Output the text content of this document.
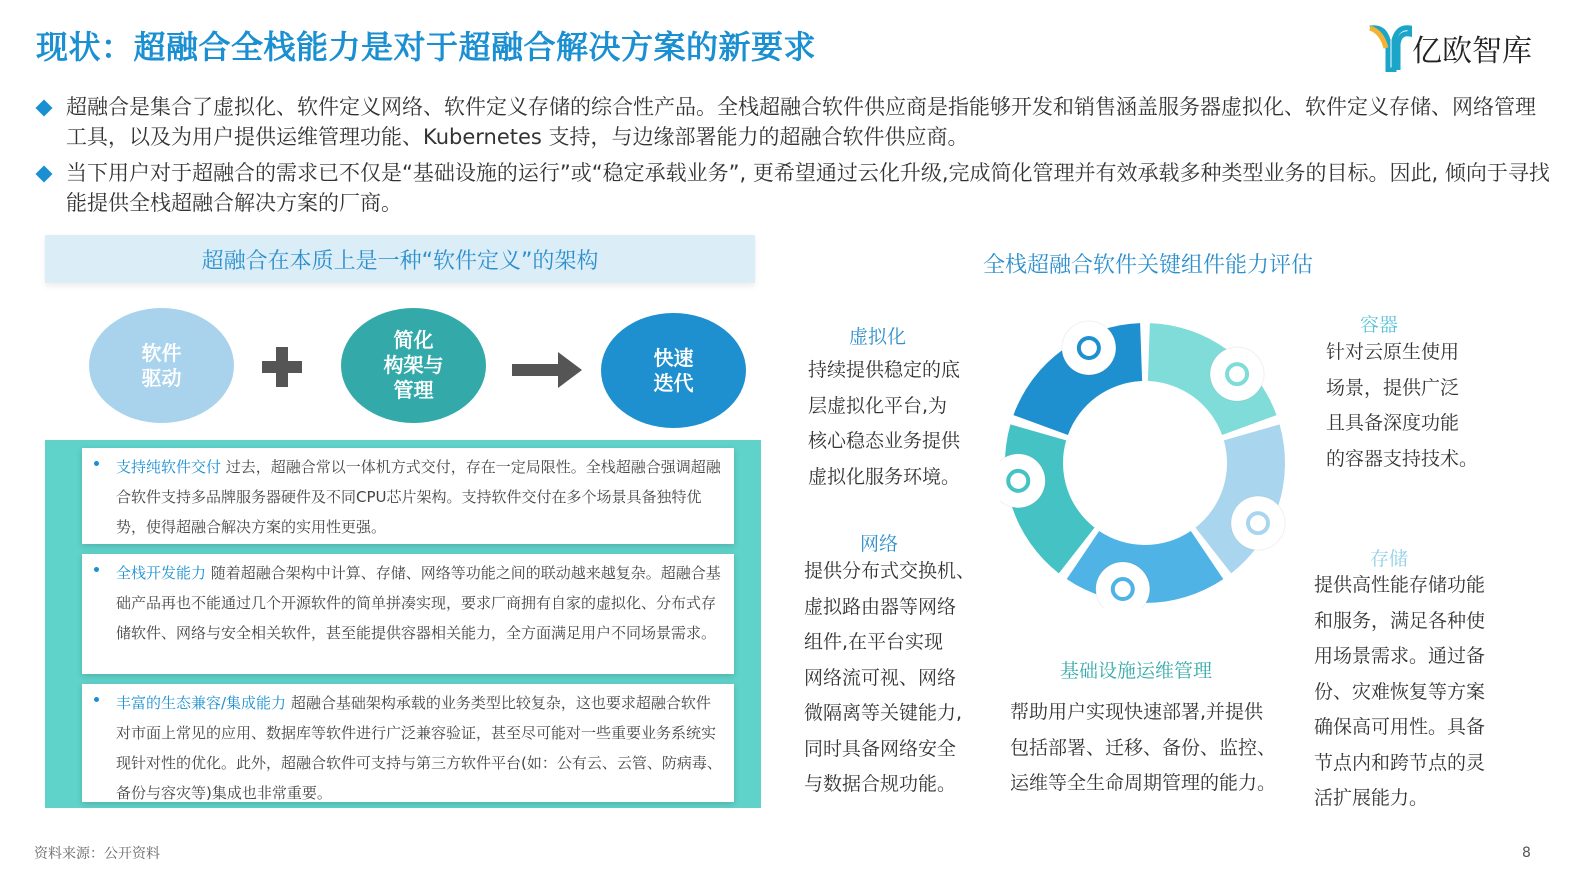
现状：超融合全栈能力是对于超融合解决方案的新要求	亿欧智库
超融合是集合了虚拟化、软件定义网络、软件定义存储的综合性产品。全栈超融合软件供应商是指能够开发和销售涵盖服务器虚拟化、软件定义存储、网络管理工具，以及为用户提供运维管理功能、Kubernetes 支持，与边缘部署能力的超融合软件供应商。
当下用户对于超融合的需求已不仅是“基础设施的运行”或“稳定承载业务”, 更希望通过云化升级,完成简化管理并有效承载多种类型业务的目标。因此, 倾向于寻找能提供全栈超融合解决方案的厂商。
超融合在本质上是一种“软件定义”的架构
软件
驱动
简化
构架与
管理
快速
迭代
支持纯软件交付 过去，超融合常以一体机方式交付，存在一定局限性。全栈超融合强调超融合软件支持多品牌服务器硬件及不同CPU芯片架构。支持软件交付在多个场景具备独特优势，使得超融合解决方案的实用性更强。
全栈开发能力 随着超融合架构中计算、存储、网络等功能之间的联动越来越复杂。超融合基础产品再也不能通过几个开源软件的简单拼凑实现，要求厂商拥有自家的虚拟化、分布式存储软件、网络与安全相关软件，甚至能提供容器相关能力，全方面满足用户不同场景需求。
丰富的生态兼容/集成能力 超融合基础架构承载的业务类型比较复杂，这也要求超融合软件对市面上常见的应用、数据库等软件进行广泛兼容验证，甚至尽可能对一些重要业务系统实现针对性的优化。此外，超融合软件可支持与第三方软件平台(如：公有云、云管、防病毒、备份与容灾等)集成也非常重要。
全栈超融合软件关键组件能力评估
虚拟化
持续提供稳定的底
层虚拟化平台,为
核心稳态业务提供
虚拟化服务环境。
容器
针对云原生使用
场景，提供广泛
且具备深度功能
的容器支持技术。
网络
提供分布式交换机、
虚拟路由器等网络
组件,在平台实现
网络流可视、网络
微隔离等关键能力,
同时具备网络安全
与数据合规功能。
基础设施运维管理
帮助用户实现快速部署,并提供
包括部署、迁移、备份、监控、
运维等全生命周期管理的能力。
存储
提供高性能存储功能
和服务，满足各种使
用场景需求。通过备
份、灾难恢复等方案
确保高可用性。具备
节点内和跨节点的灵
活扩展能力。
资料来源：公开资料	8
